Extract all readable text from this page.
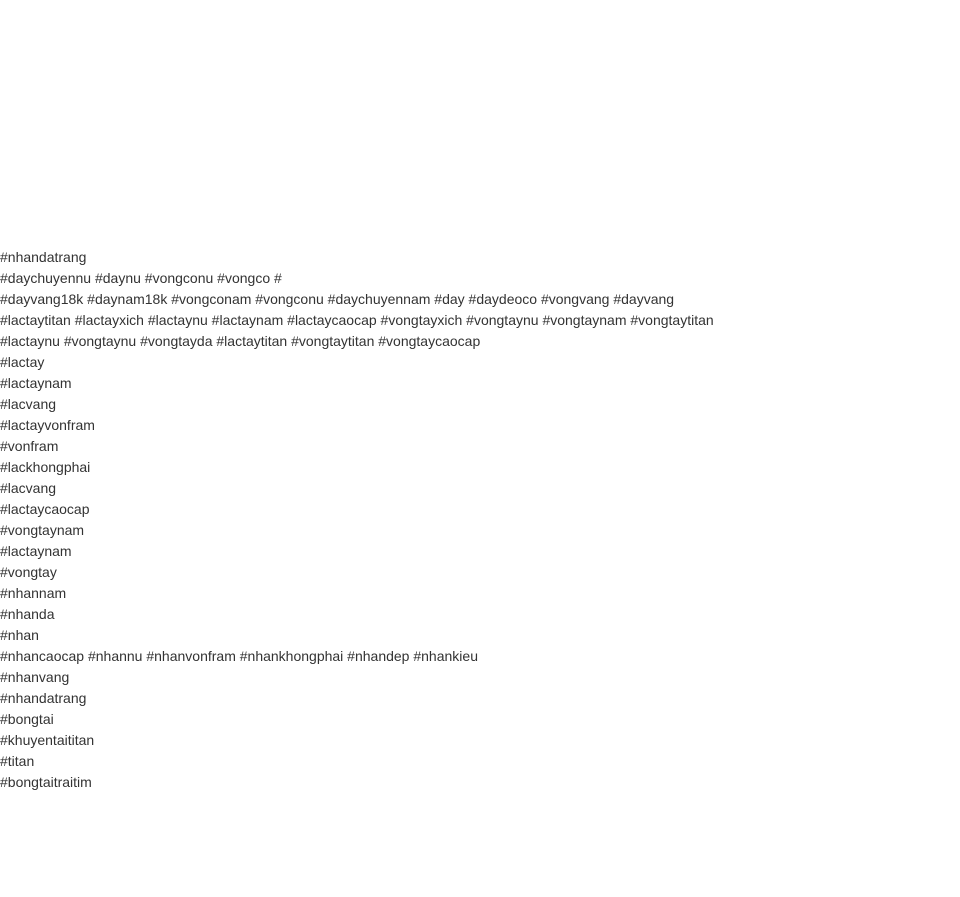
#nhandatrang
#daychuyennu #daynu #vongconu #vongco #
#dayvang18k #daynam18k #vongconam #vongconu #daychuyennam #day #daydeoco #vongvang #dayvang
#lactaytitan #lactayxich #lactaynu #lactaynam #lactaycaocap #vongtayxich #vongtaynu #vongtaynam #vongtaytitan
#lactaynu #vongtaynu #vongtayda #lactaytitan #vongtaytitan #vongtaycaocap
#lactay
#lactaynam
#lacvang
#lactayvonfram
#vonfram
#lackhongphai
#lacvang
#lactaycaocap
#vongtaynam
#lactaynam
#vongtay
#nhannam
#nhanda
#nhan
#nhancaocap #nhannu #nhanvonfram #nhankhongphai #nhandep #nhankieu
#nhanvang
#nhandatrang
#bongtai
#khuyentaititan
#titan
#bongtaitraitim
